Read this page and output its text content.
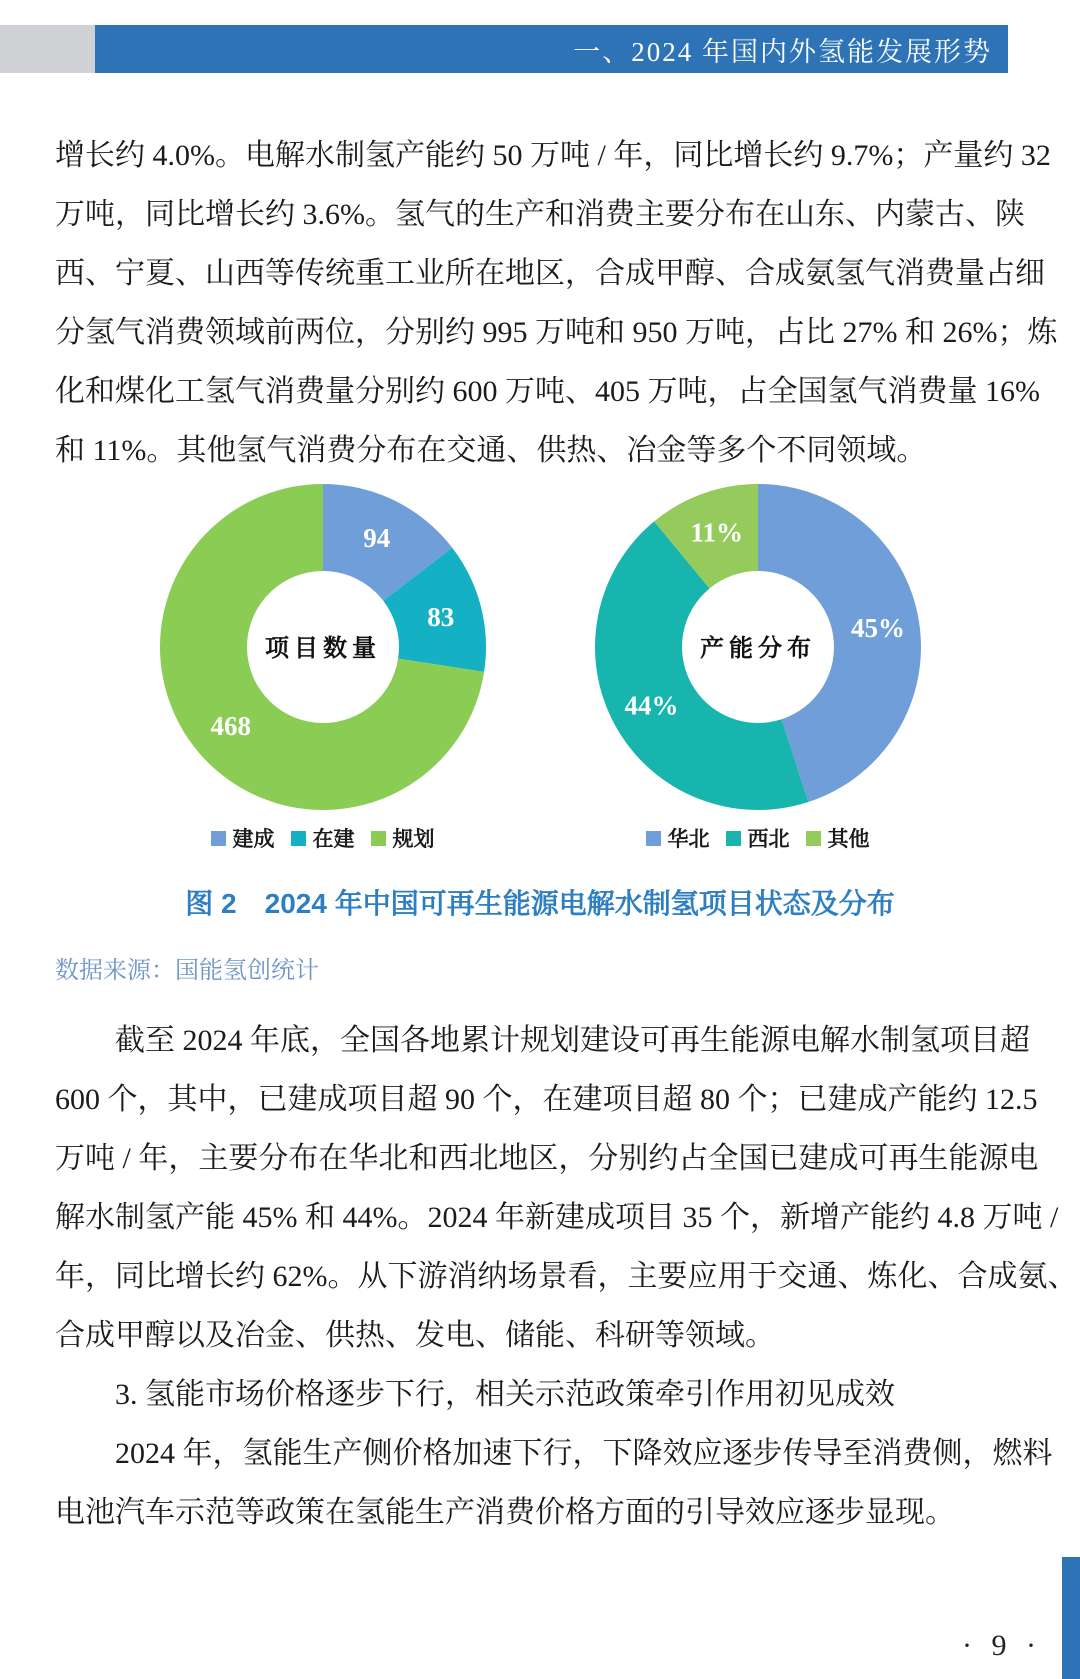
一、2024 年国内外氢能发展形势
增长约 4.0%。电解水制氢产能约 50 万吨 / 年，同比增长约 9.7%；产量约 32
万吨，同比增长约 3.6%。氢气的生产和消费主要分布在山东、内蒙古、陕
西、宁夏、山西等传统重工业所在地区，合成甲醇、合成氨氢气消费量占细
分氢气消费领域前两位，分别约 995 万吨和 950 万吨，占比 27% 和 26%；炼
化和煤化工氢气消费量分别约 600 万吨、405 万吨，占全国氢气消费量 16%
和 11%。其他氢气消费分布在交通、供热、冶金等多个不同领域。
94
83
468
项目数量
建成 在建 规划
45%
44%
11%
产能分布
华北 西北 其他
图 2　2024 年中国可再生能源电解水制氢项目状态及分布
数据来源：国能氢创统计
　　截至 2024 年底，全国各地累计规划建设可再生能源电解水制氢项目超
600 个，其中，已建成项目超 90 个，在建项目超 80 个；已建成产能约 12.5
万吨 / 年，主要分布在华北和西北地区，分别约占全国已建成可再生能源电
解水制氢产能 45% 和 44%。2024 年新建成项目 35 个，新增产能约 4.8 万吨 /
年，同比增长约 62%。从下游消纳场景看，主要应用于交通、炼化、合成氨、
合成甲醇以及冶金、供热、发电、储能、科研等领域。
　　3. 氢能市场价格逐步下行，相关示范政策牵引作用初见成效
　　2024 年，氢能生产侧价格加速下行，下降效应逐步传导至消费侧，燃料
电池汽车示范等政策在氢能生产消费价格方面的引导效应逐步显现。
· 9 ·
